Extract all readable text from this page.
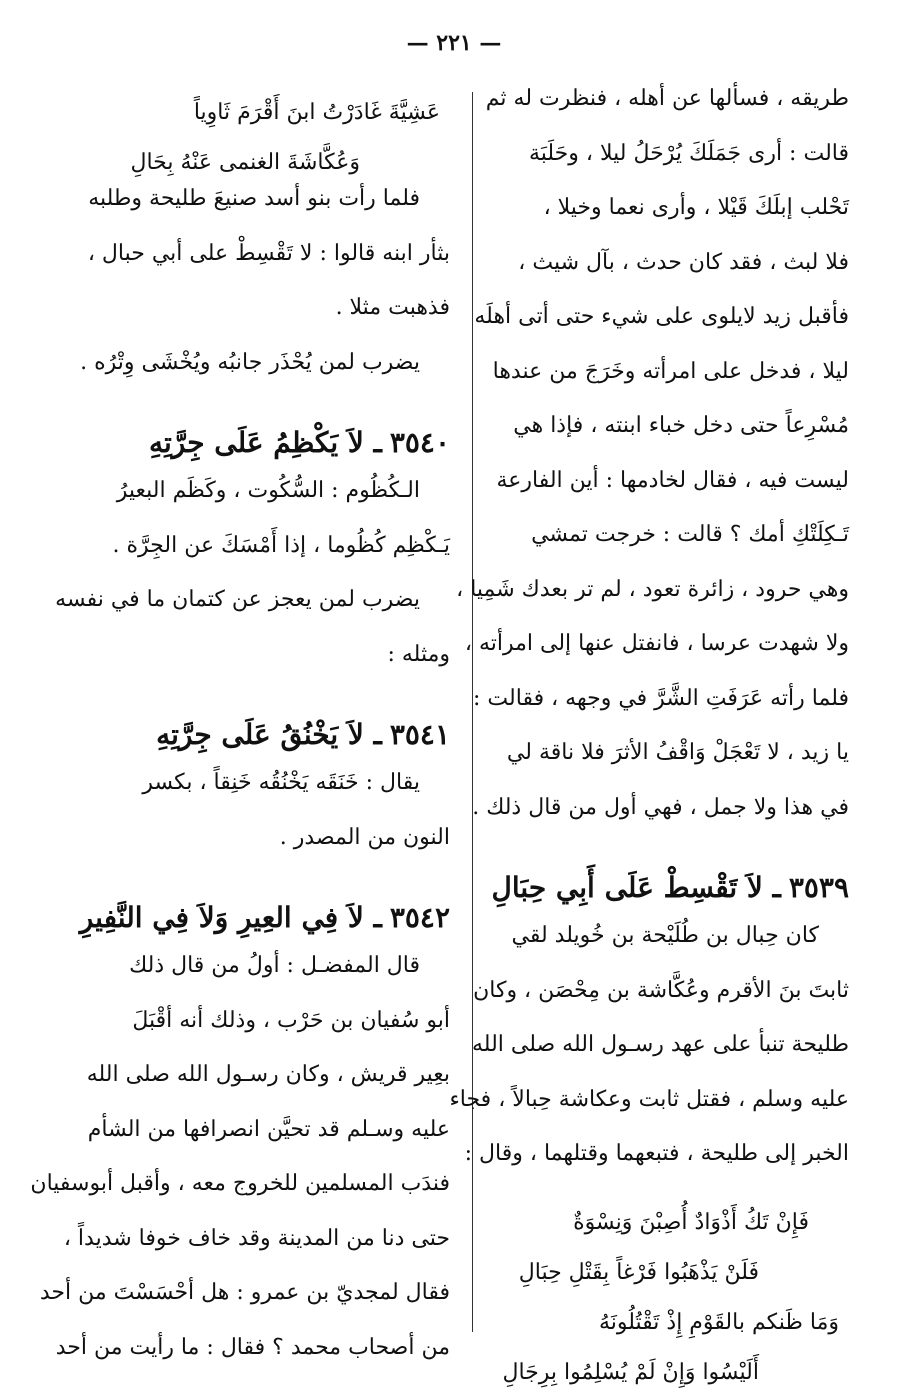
— ٢٢١ —
طريقه ، فسألها عن أهله ، فنظرت له ثم
قالت : أرى جَمَلَكَ يُرْحَلُ ليلا ، وحَلَبَة
تَحْلب إبلَكَ قَيْلا ، وأرى نعما وخيلا ،
فلا لبث ، فقد كان حدث ، بآل شيث ،
فأقبل زيد لايلوى على شيء حتى أتى أهلَه
ليلا ، فدخل على امرأته وخَرَجَ من عندها
مُسْرِعاً حتى دخل خباء ابنته ، فإذا هي
ليست فيه ، فقال لخادمها : أين الفارعة
تَـكِلَتْكِ أمك ؟ قالت : خرجت تمشي
وهي حرود ، زائرة تعود ، لم تر بعدك شَمِيا ،
ولا شهدت عرسا ، فانفتل عنها إلى امرأته ،
فلما رأته عَرَفَتِ الشَّرَّ في وجهه ، فقالت :
يا زيد ، لا تَعْجَلْ وَاقْفُ الأثرَ فلا ناقة لي
في هذا ولا جمل ، فهي أول من قال ذلك .
٣٥٣٩ـ لاَ تَقْسِطْ عَلَى أَبِي حِبَالِ
كان حِبال بن طُلَيْحة بن خُويلد لقي
ثابتَ بنَ الأقرم وعُكَّاشة بن مِحْصَن ، وكان
طليحة تنبأ على عهد رسـول الله صلى الله
عليه وسلم ، فقتل ثابت وعكاشة حِبالاً ، فجاء
الخبر إلى طليحة ، فتبعهما وقتلهما ، وقال :
فَإِنْ تَكُ أَذْوَادٌ أُصِبْنَ وَنِسْوَةٌ
فَلَنْ يَذْهَبُوا فَرْغاً بِقَتْلِ حِبَالِ
وَمَا ظَنكم بالقَوْمِ إِذْ تَقْتُلُونَهُ
أَلَيْسُوا وَإِنْ لَمْ يُسْلِمُوا بِرِجَالِ
عَشِيَّةَ غَادَرْتُ ابنَ أَقْرَمَ ثَاوِياً
وَعُكَّاشَةَ الغنمى عَنْهُ بِحَالِ
فلما رأت بنو أسد صنيعَ طليحة وطلبه
بثأر ابنه قالوا : لا تَقْسِطْ على أبي حبال ،
فذهبت مثلا .
يضرب لمن يُحْذَر جانبُه ويُخْشَى وِتْرُه .
٣٥٤٠ـ لاَ يَكْظِمُ عَلَى جِرَّتِهِ
الـكُظُوم : السُّكُوت ، وكَظَم البعيرُ
يَـكْظِم كُظُوما ، إذا أَمْسَكَ عن الجِرَّة .
يضرب لمن يعجز عن كتمان ما في نفسه
ومثله :
٣٥٤١ـ لاَ يَخْنُقُ عَلَى جِرَّتِهِ
يقال : خَنَقَه يَخْنُقُه خَنِقاً ، بكسر
النون من المصدر .
٣٥٤٢ـ لاَ فِي العِيرِ وَلاَ فِي النَّفِيرِ
قال المفضـل : أولُ من قال ذلك
أبو سُفيان بن حَرْب ، وذلك أنه أقْبَلَ
بعِير قريش ، وكان رسـول الله صلى الله
عليه وسـلم قد تحيَّن انصرافها من الشأم
فندَب المسلمين للخروج معه ، وأقبل أبوسفيان
حتى دنا من المدينة وقد خاف خوفا شديداً ،
فقال لمجديّ بن عمرو : هل أحْسَسْتَ من أحد
من أصحاب محمد ؟ فقال : ما رأيت من أحد
